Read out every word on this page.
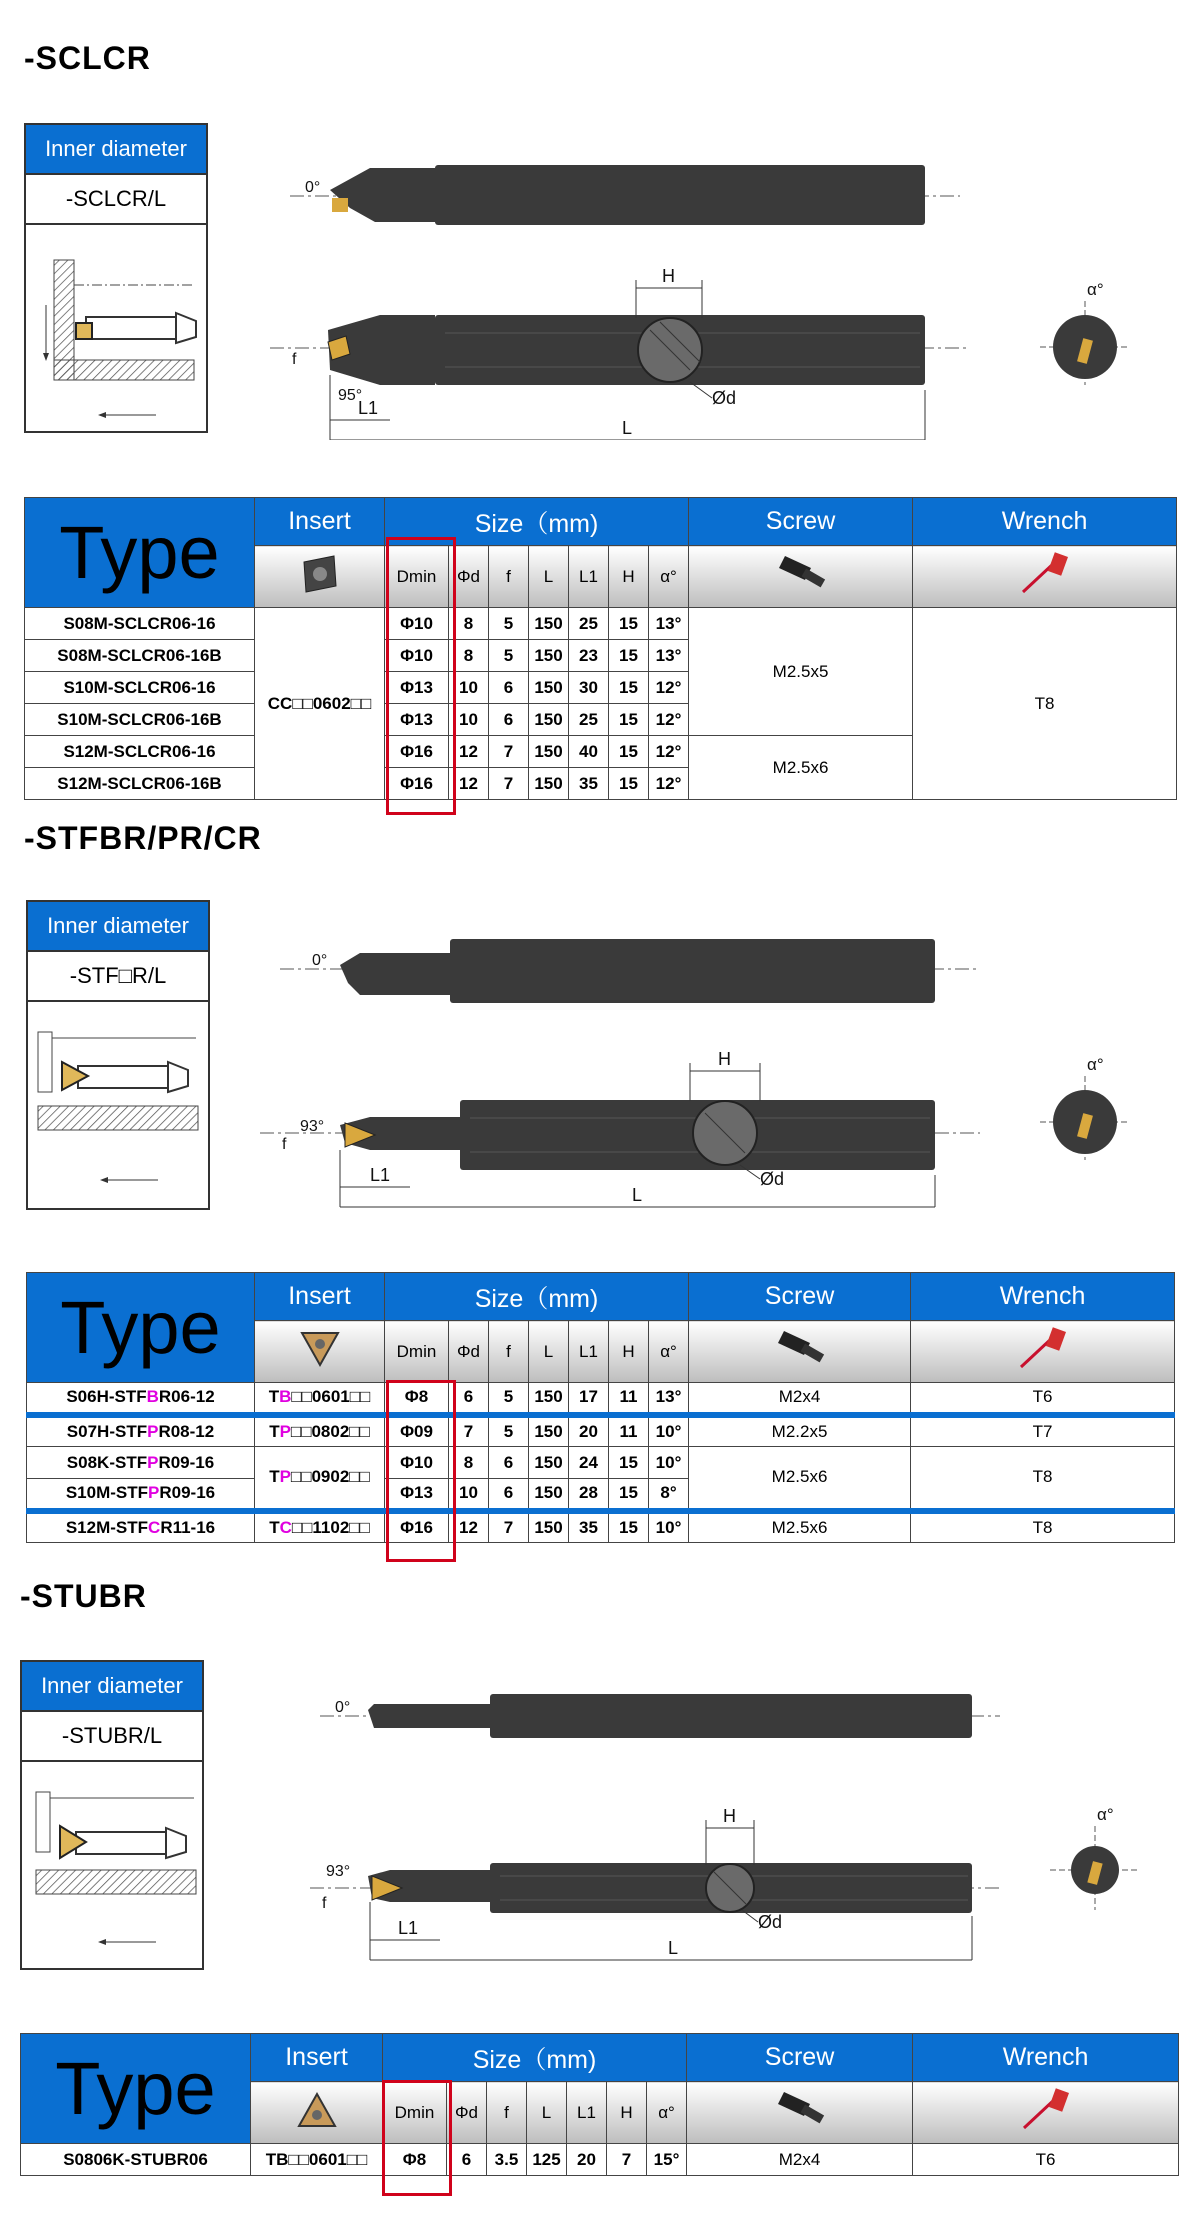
-SCLCR
Inner diameter
-SCLCR/L	0°
H
Ød
f
95°
L1
L
α°
Type	Insert	Size（mm)							Screw	Wrench
	Dmin	Φd	f	L	L1	H	α°		
S08M-SCLCR06-16	CC□□0602□□	Φ10	8	5	150	25	15	13°	M2.5x5	T8
S08M-SCLCR06-16B		Φ10	8	5	150	23	15	13°		
S10M-SCLCR06-16		Φ13	10	6	150	30	15	12°		
S10M-SCLCR06-16B		Φ13	10	6	150	25	15	12°		
S12M-SCLCR06-16		Φ16	12	7	150	40	15	12°	M2.5x6	
S12M-SCLCR06-16B		Φ16	12	7	150	35	15	12°		
-STFBR/PR/CR
Inner diameter
-STF□R/L
0°
H
Ød
f
93°
L1
L
α°
Type	Insert	Size（mm)							Screw	Wrench
	Dmin	Φd	f	L	L1	H	α°		
S06H-STFBR06-12	TB□□0601□□	Φ8	6	5	150	17	11	13°	M2x4	T6
S07H-STFPR08-12	TP□□0802□□	Φ09	7	5	150	20	11	10°	M2.2x5	T7
S08K-STFPR09-16	TP□□0902□□	Φ10	8	6	150	24	15	10°	M2.5x6	T8
S10M-STFPR09-16		Φ13	10	6	150	28	15	8°		
S12M-STFCR11-16	TC□□1102□□	Φ16	12	7	150	35	15	10°	M2.5x6	T8
-STUBR
Inner diameter
-STUBR/L
0°
H
Ød
f
93°
L1
L
α°
Type	Insert	Size（mm)							Screw	Wrench
	Dmin	Φd	f	L	L1	H	α°		
S0806K-STUBR06	TB□□0601□□	Φ8	6	3.5	125	20	7	15°	M2x4	T6
